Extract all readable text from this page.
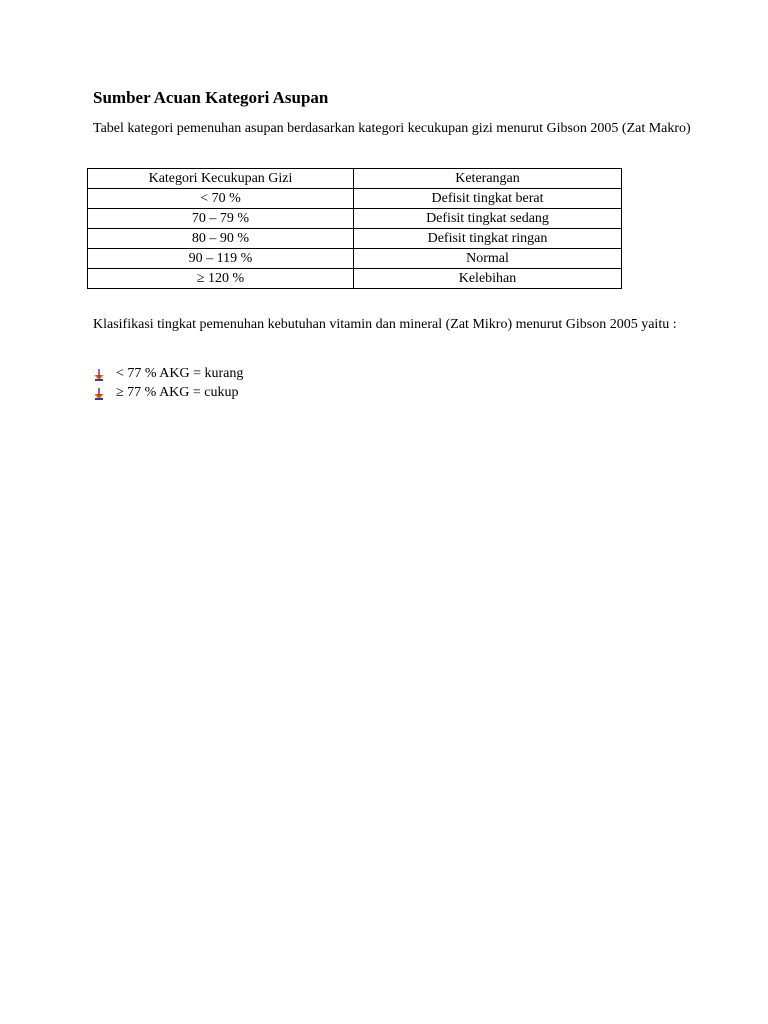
Sumber Acuan Kategori Asupan

Tabel kategori pemenuhan asupan berdasarkan kategori kecukupan gizi menurut Gibson 2005 (Zat Makro)

Kategori Kecukupan Gizi	Keterangan
< 70 %	Defisit tingkat berat
70 – 79 %	Defisit tingkat sedang
80 – 90 %	Defisit tingkat ringan
90 – 119 %	Normal
≥ 120 %	Kelebihan

Klasifikasi tingkat pemenuhan kebutuhan vitamin dan mineral (Zat Mikro) menurut Gibson 2005 yaitu :

< 77 % AKG = kurang
≥ 77 % AKG = cukup
